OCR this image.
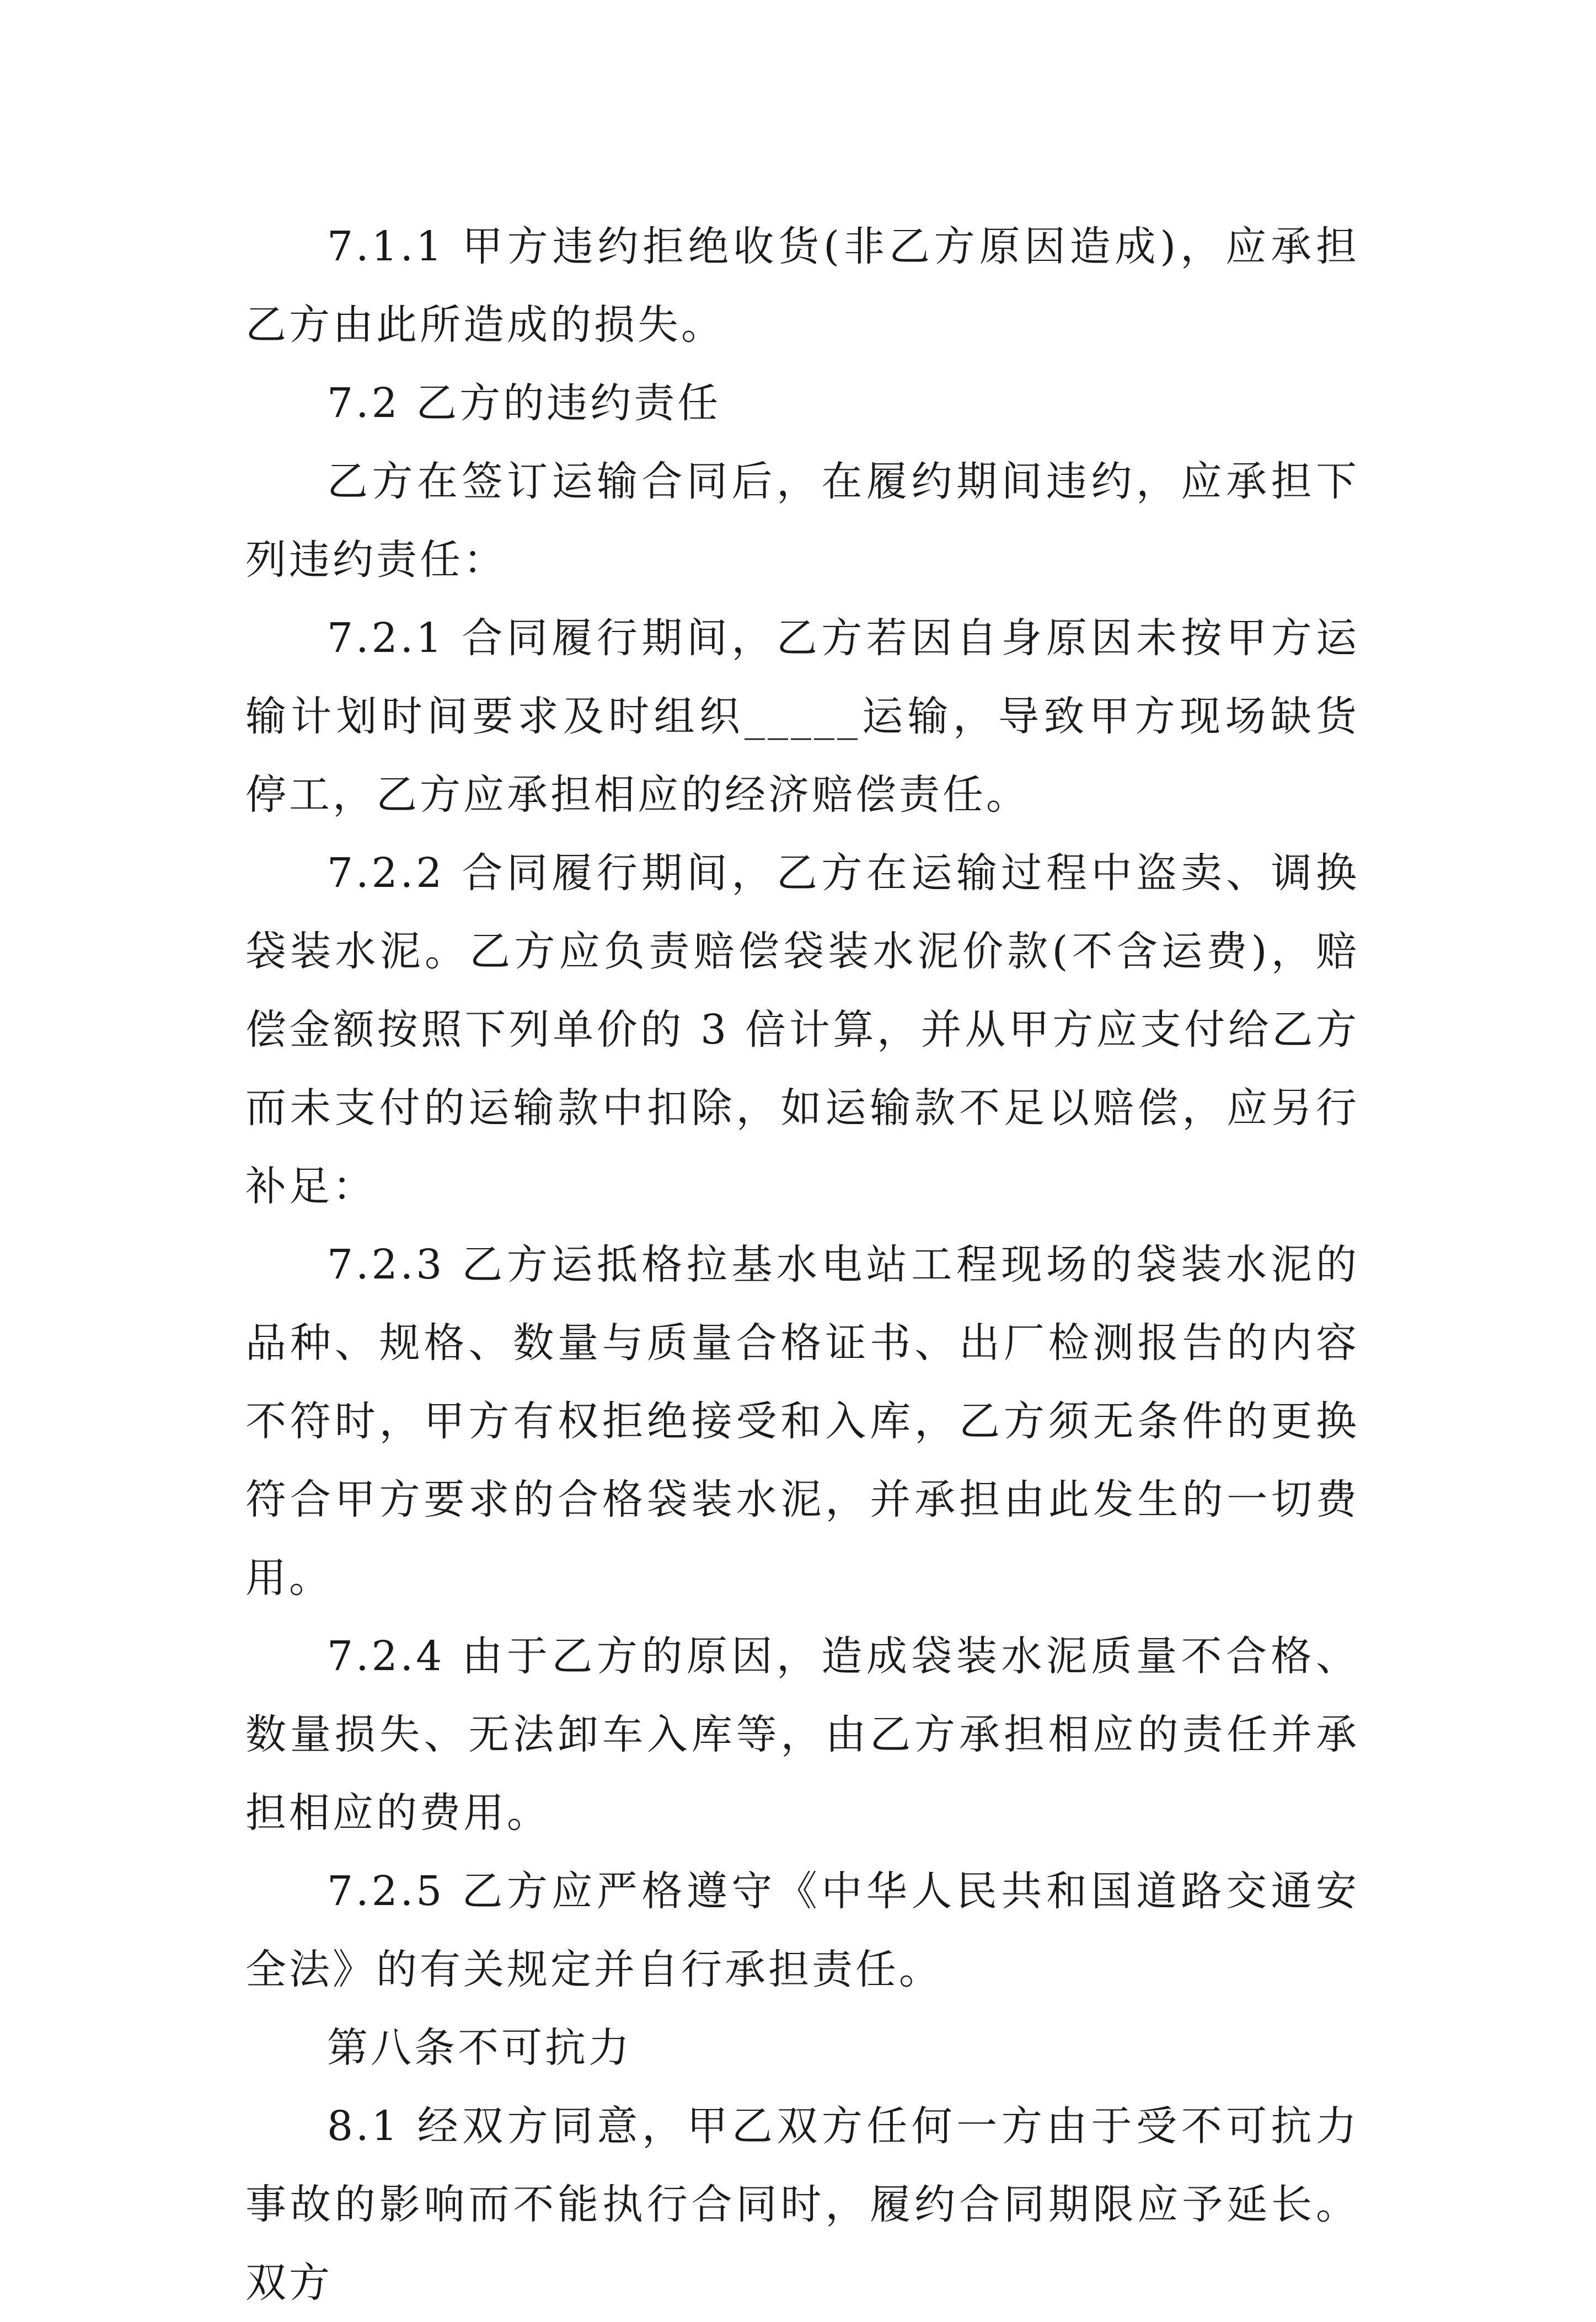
7.1.1 甲方违约拒绝收货(非乙方原因造成)，应承担乙方由此所造成的损失。

7.2 乙方的违约责任

乙方在签订运输合同后，在履约期间违约，应承担下列违约责任：

7.2.1 合同履行期间，乙方若因自身原因未按甲方运输计划时间要求及时组织_____运输，导致甲方现场缺货停工，乙方应承担相应的经济赔偿责任。

7.2.2 合同履行期间，乙方在运输过程中盗卖、调换袋装水泥。乙方应负责赔偿袋装水泥价款(不含运费)，赔偿金额按照下列单价的 3 倍计算，并从甲方应支付给乙方而未支付的运输款中扣除，如运输款不足以赔偿，应另行补足：

7.2.3 乙方运抵格拉基水电站工程现场的袋装水泥的品种、规格、数量与质量合格证书、出厂检测报告的内容不符时，甲方有权拒绝接受和入库，乙方须无条件的更换符合甲方要求的合格袋装水泥，并承担由此发生的一切费用。

7.2.4 由于乙方的原因，造成袋装水泥质量不合格、数量损失、无法卸车入库等，由乙方承担相应的责任并承担相应的费用。

7.2.5 乙方应严格遵守《中华人民共和国道路交通安全法》的有关规定并自行承担责任。

第八条不可抗力

8.1 经双方同意，甲乙双方任何一方由于受不可抗力事故的影响而不能执行合同时，履约合同期限应予延长。双方
